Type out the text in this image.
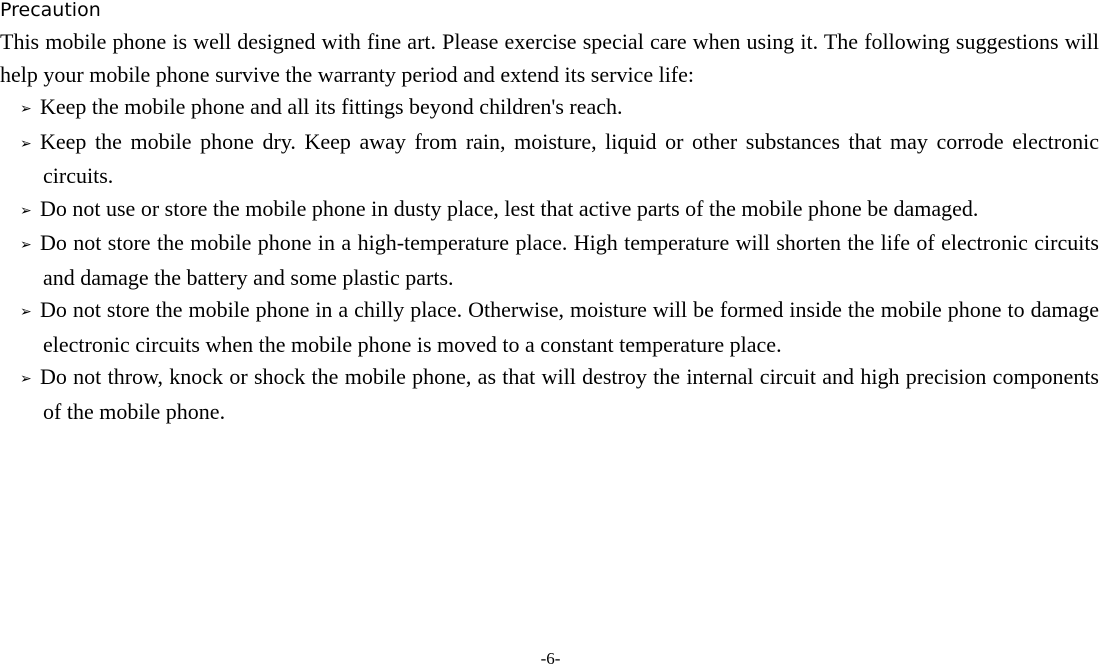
Precaution

This mobile phone is well designed with fine art. Please exercise special care when using it. The following suggestions will help your mobile phone survive the warranty period and extend its service life:

➢ Keep the mobile phone and all its fittings beyond children's reach.
➢ Keep the mobile phone dry. Keep away from rain, moisture, liquid or other substances that may corrode electronic circuits.
➢ Do not use or store the mobile phone in dusty place, lest that active parts of the mobile phone be damaged.
➢ Do not store the mobile phone in a high-temperature place. High temperature will shorten the life of electronic circuits and damage the battery and some plastic parts.
➢ Do not store the mobile phone in a chilly place. Otherwise, moisture will be formed inside the mobile phone to damage electronic circuits when the mobile phone is moved to a constant temperature place.
➢ Do not throw, knock or shock the mobile phone, as that will destroy the internal circuit and high precision components of the mobile phone.
-6-
